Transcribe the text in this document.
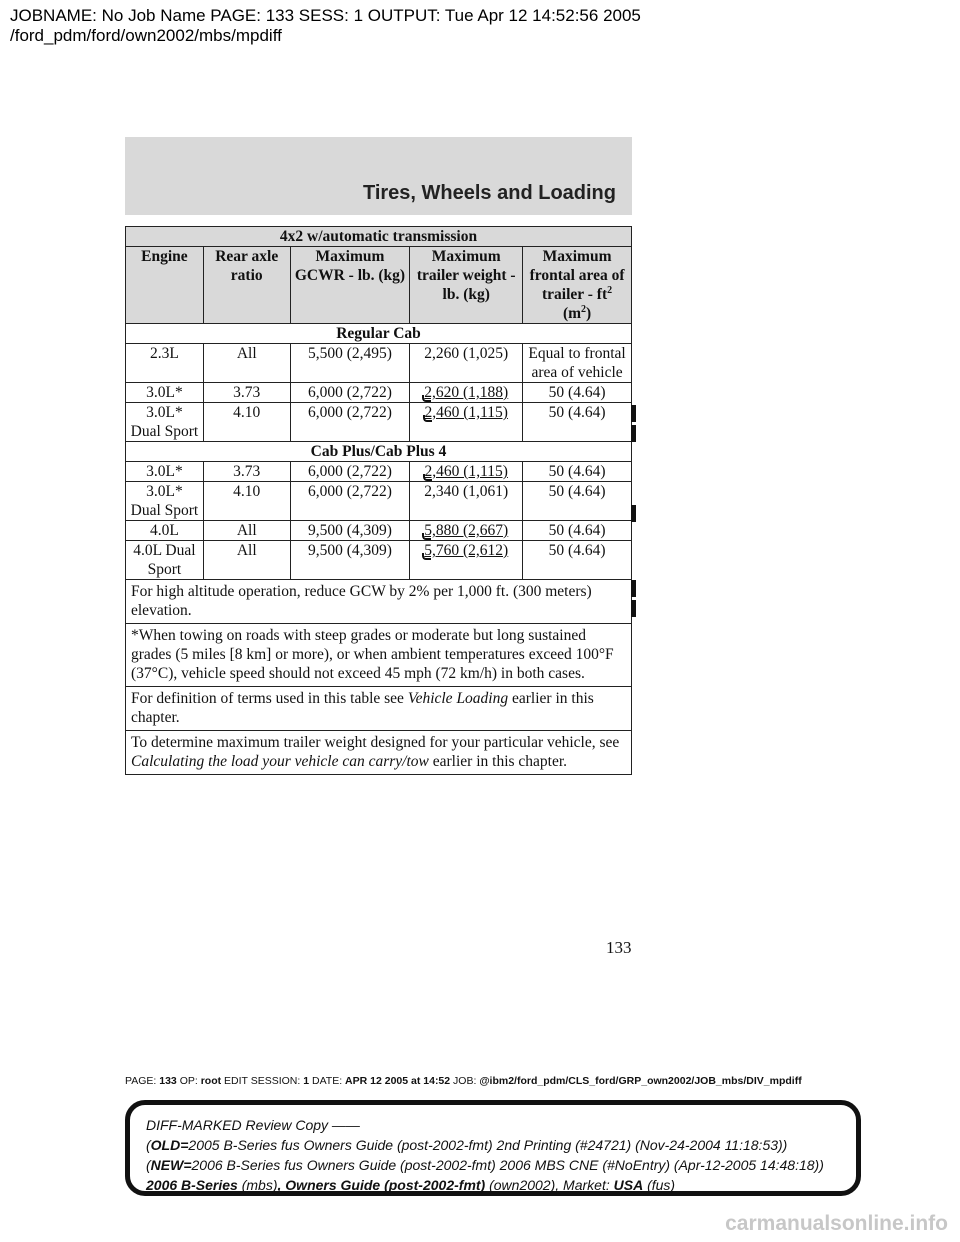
JOBNAME: No Job Name PAGE: 133 SESS: 1 OUTPUT: Tue Apr 12 14:52:56 2005
/ford_pdm/ford/own2002/mbs/mpdiff
Tires, Wheels and Loading
4x2 w/automatic transmission				
Engine	Rear axle ratio	Maximum GCWR - lb. (kg)	Maximum trailer weight - lb. (kg)	Maximum frontal area of trailer - $ft^2$ $(m^2)$
Regular Cab				
2.3L	All	5,500 (2,495)	2,260 (1,025)	Equal to frontal area of vehicle
3.0L*	3.73	6,000 (2,722)	2,620 (1,188)	50 (4.64)
3.0L* Dual Sport	4.10	6,000 (2,722)	2,460 (1,115)	50 (4.64)
Cab Plus/Cab Plus 4				
3.0L*	3.73	6,000 (2,722)	2,460 (1,115)	50 (4.64)
3.0L* Dual Sport	4.10	6,000 (2,722)	2,340 (1,061)	50 (4.64)
4.0L	All	9,500 (4,309)	5,880 (2,667)	50 (4.64)
4.0L Dual Sport	All	9,500 (4,309)	5,760 (2,612)	50 (4.64)
For high altitude operation, reduce GCW by 2% per 1,000 ft. (300 meters) elevation.				
*When towing on roads with steep grades or moderate but long sustained grades (5 miles [8 km] or more), or when ambient temperatures exceed 100°F (37°C), vehicle speed should not exceed 45 mph (72 km/h) in both cases.				
For definition of terms used in this table see Vehicle Loading earlier in this chapter.				
To determine maximum trailer weight designed for your particular vehicle, see Calculating the load your vehicle can carry/tow earlier in this chapter.				
133
PAGE: 133 OP: root EDIT SESSION: 1 DATE: APR 12 2005 at 14:52 JOB: @ibm2/ford_pdm/CLS_ford/GRP_own2002/JOB_mbs/DIV_mpdiff
DIFF-MARKED Review Copy ——
(OLD=2005 B-Series fus Owners Guide (post-2002-fmt) 2nd Printing (#24721) (Nov-24-2004 11:18:53))
(NEW=2006 B-Series fus Owners Guide (post-2002-fmt) 2006 MBS CNE (#NoEntry) (Apr-12-2005 14:48:18))
2006 B-Series (mbs), Owners Guide (post-2002-fmt) (own2002), Market: USA (fus)
carmanualsonline.info
